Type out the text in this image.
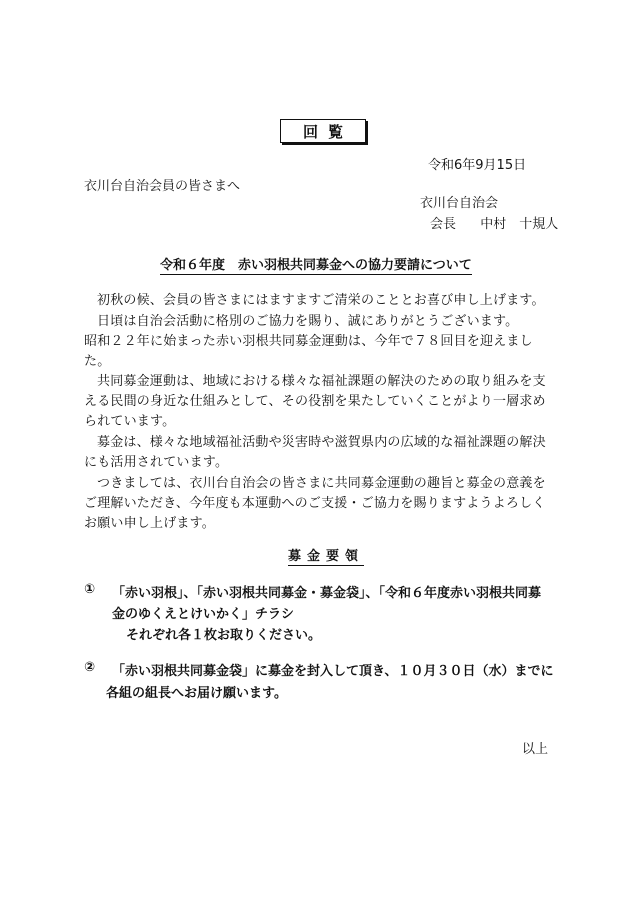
回覧
令和6年9月15日
衣川台自治会員の皆さまへ
衣川台自治会
会長 中村　十規人
令和６年度　赤い羽根共同募金への協力要請について
初秋の候、会員の皆さまにはますますご清栄のこととお喜び申し上げます。
日頃は自治会活動に格別のご協力を賜り、誠にありがとうございます。
昭和２２年に始まった赤い羽根共同募金運動は、今年で７８回目を迎えまし
た。
共同募金運動は、地域における様々な福祉課題の解決のための取り組みを支
える民間の身近な仕組みとして、その役割を果たしていくことがより一層求め
られています。
募金は、様々な地域福祉活動や災害時や滋賀県内の広域的な福祉課題の解決
にも活用されています。
つきましては、衣川台自治会の皆さまに共同募金運動の趣旨と募金の意義を
ご理解いただき、今年度も本運動へのご支援・ご協力を賜りますようよろしく
お願い申し上げます。
募金要領
① 「赤い羽根」、「赤い羽根共同募金・募金袋」、「令和６年度赤い羽根共同募
金のゆくえとけいかく」チラシ
それぞれ各１枚お取りください。
② 「赤い羽根共同募金袋」に募金を封入して頂き、１０月３０日（水）までに
各組の組長へお届け願います。
以上
